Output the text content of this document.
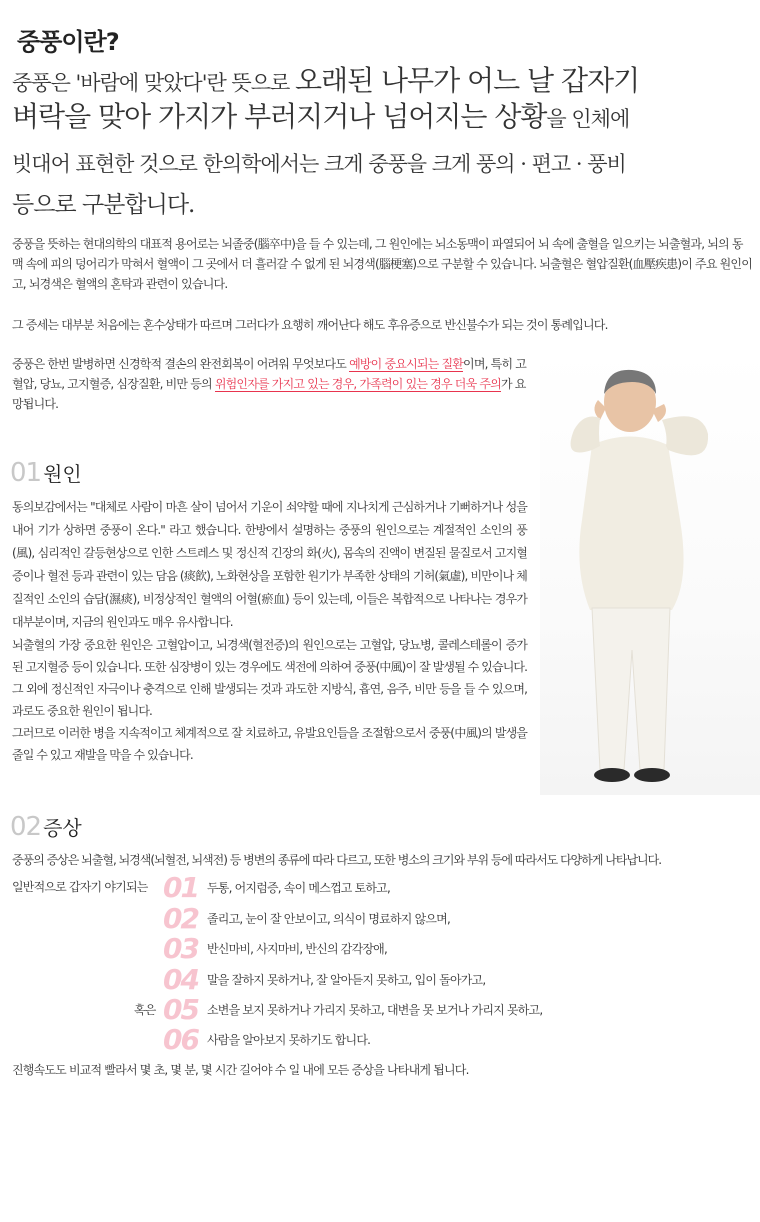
중풍이란?
중풍은 '바람에 맞았다'란 뜻으로 오래된 나무가 어느 날 갑자기
벼락을 맞아 가지가 부러지거나 넘어지는 상황을 인체에
빗대어 표현한 것으로 한의학에서는 크게 중풍을 크게 풍의 · 편고 · 풍비
등으로 구분합니다.
중풍을 뜻하는 현대의학의 대표적 용어로는 뇌졸중(腦卒中)을 들 수 있는데, 그 원인에는 뇌소동맥이 파열되어 뇌 속에 출혈을 일으키는 뇌출혈과, 뇌의 동맥 속에 피의 덩어리가 막혀서 혈액이 그 곳에서 더 흘러갈 수 없게 된 뇌경색(腦梗塞)으로 구분할 수 있습니다. 뇌출혈은 혈압질환(血壓疾患)이 주요 원인이고, 뇌경색은 혈액의 혼탁과 관련이 있습니다.
그 증세는 대부분 처음에는 혼수상태가 따르며 그러다가 요행히 깨어난다 해도 후유증으로 반신불수가 되는 것이 통례입니다.
중풍은 한번 발병하면 신경학적 결손의 완전회복이 어려워 무엇보다도 예방이 중요시되는 질환이며, 특히 고혈압, 당뇨, 고지혈증, 심장질환, 비만 등의 위험인자를 가지고 있는 경우, 가족력이 있는 경우 더욱 주의가 요망됩니다.
01 원인
동의보감에서는 "대체로 사람이 마흔 살이 넘어서 기운이 쇠약할 때에 지나치게 근심하거나 기뻐하거나 성을 내어 기가 상하면 중풍이 온다." 라고 했습니다. 한방에서 설명하는 중풍의 원인으로는 계절적인 소인의 풍(風), 심리적인 갈등현상으로 인한 스트레스 및 정신적 긴장의 화(火), 몸속의 진액이 변질된 물질로서 고지혈증이나 혈전 등과 관련이 있는 담음 (痰飮), 노화현상을 포함한 원기가 부족한 상태의 기허(氣虛), 비만이나 체질적인 소인의 습담(濕痰), 비정상적인 혈액의 어혈(瘀血) 등이 있는데, 이들은 복합적으로 나타나는 경우가 대부분이며, 지금의 원인과도 매우 유사합니다.
뇌출혈의 가장 중요한 원인은 고혈압이고, 뇌경색(혈전증)의 원인으로는 고혈압, 당뇨병, 콜레스테롤이 증가된 고지혈증 등이 있습니다. 또한 심장병이 있는 경우에도 색전에 의하여 중풍(中風)이 잘 발생될 수 있습니다. 그 외에 정신적인 자극이나 충격으로 인해 발생되는 것과 과도한 지방식, 흡연, 음주, 비만 등을 들 수 있으며, 과로도 중요한 원인이 됩니다.
그러므로 이러한 병을 지속적이고 체계적으로 잘 치료하고, 유발요인들을 조절함으로서 중풍(中風)의 발생을 줄일 수 있고 재발을 막을 수 있습니다.
02 증상
중풍의 증상은 뇌출혈, 뇌경색(뇌혈전, 뇌색전) 등 병변의 종류에 따라 다르고, 또한 병소의 크기와 부위 등에 따라서도 다양하게 나타납니다.
일반적으로 갑자기 야기되는
혹은
01 두통, 어지럼증, 속이 메스껍고 토하고,
02 졸리고, 눈이 잘 안보이고, 의식이 명료하지 않으며,
03 반신마비, 사지마비, 반신의 감각장애,
04 말을 잘하지 못하거나, 잘 알아듣지 못하고, 입이 돌아가고,
05 소변을 보지 못하거나 가리지 못하고, 대변을 못 보거나 가리지 못하고,
06 사람을 알아보지 못하기도 합니다.
진행속도도 비교적 빨라서 몇 초, 몇 분, 몇 시간 길어야 수 일 내에 모든 증상을 나타내게 됩니다.
